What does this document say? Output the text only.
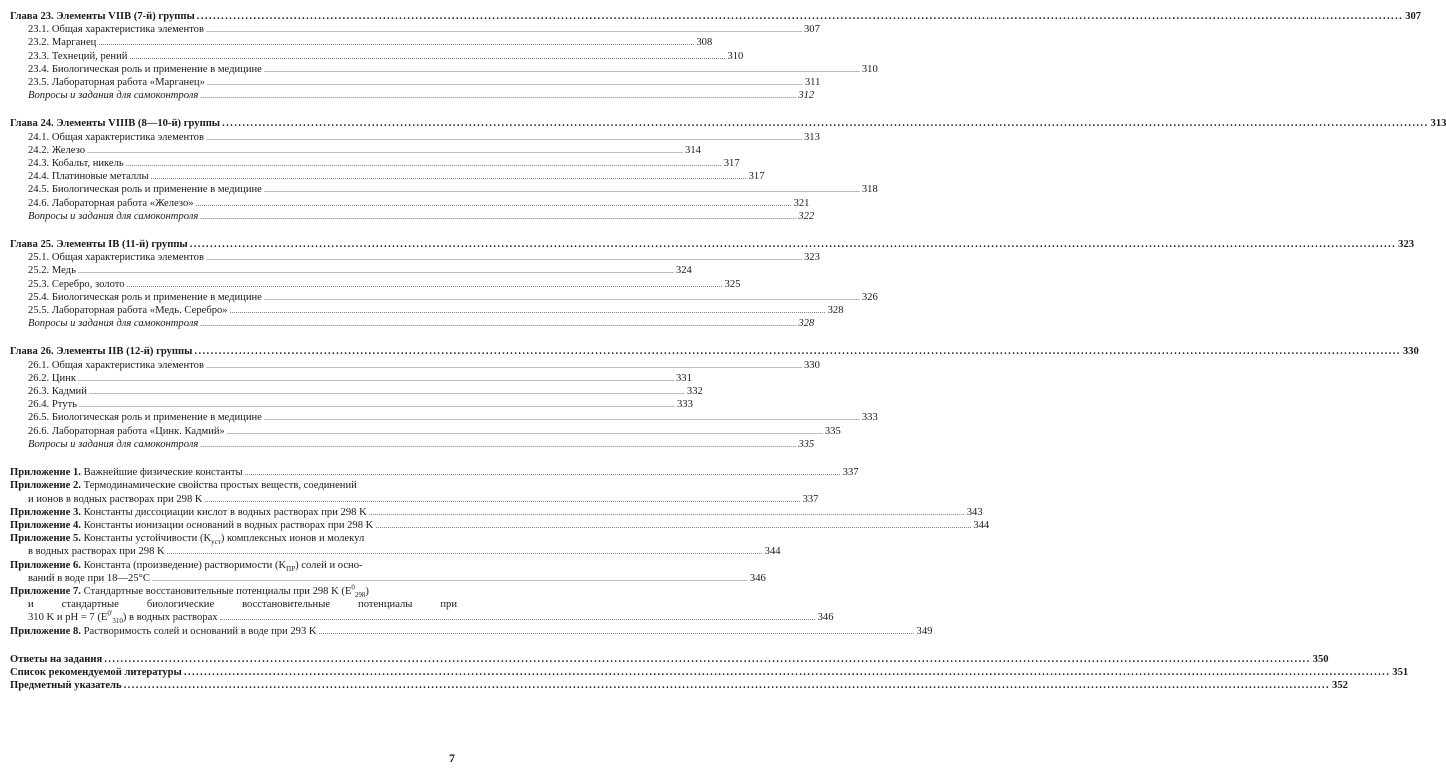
Глава 23. Элементы VIIB (7-й) группы .....	307
23.1. Общая характеристика элементов .....	307
23.2. Марганец .....	308
23.3. Технеций, рений .....	310
23.4. Биологическая роль и применение в медицине .....	310
23.5. Лабораторная работа «Марганец» .....	311
Вопросы и задания для самоконтроля .....	312
Глава 24. Элементы VIIIB (8—10-й) группы .....	313
24.1. Общая характеристика элементов .....	313
24.2. Железо .....	314
24.3. Кобальт, никель .....	317
24.4. Платиновые металлы .....	317
24.5. Биологическая роль и применение в медицине .....	318
24.6. Лабораторная работа «Железо» .....	321
Вопросы и задания для самоконтроля .....	322
Глава 25. Элементы IB (11-й) группы .....	323
25.1. Общая характеристика элементов .....	323
25.2. Медь .....	324
25.3. Серебро, золото .....	325
25.4. Биологическая роль и применение в медицине .....	326
25.5. Лабораторная работа «Медь. Серебро» .....	328
Вопросы и задания для самоконтроля .....	328
Глава 26. Элементы IIB (12-й) группы .....	330
26.1. Общая характеристика элементов .....	330
26.2. Цинк .....	331
26.3. Кадмий .....	332
26.4. Ртуть .....	333
26.5. Биологическая роль и применение в медицине .....	333
26.6. Лабораторная работа «Цинк. Кадмий» .....	335
Вопросы и задания для самоконтроля .....	335
Приложение 1. Важнейшие физические константы .....	337
Приложение 2. Термодинамические свойства простых веществ, соединений
и ионов в водных растворах при 298 K .....	337
Приложение 3. Константы диссоциации кислот в водных растворах при 298 K .....	343
Приложение 4. Константы ионизации оснований в водных растворах при 298 K .....	344
Приложение 5. Константы устойчивости $(K_{уст})$ комплексных ионов и молекул
в водных растворах при 298 K .....	344
Приложение 6. Константа (произведение) растворимости $(K_{ПР})$ солей и осно-
ваний в воде при 18—25°C .....	346
Приложение 7. Стандартные восстановительные потенциалы при 298 K $(E^0_{298})$
и стандартные биологические восстановительные потенциалы при
310 K и pH = 7 $(E^{0'}_{310})$ в водных растворах .....	346
Приложение 8. Растворимость солей и оснований в воде при 293 K .....	349
Ответы на задания .....	350
Список рекомендуемой литературы .....	351
Предметный указатель .....	352
7
